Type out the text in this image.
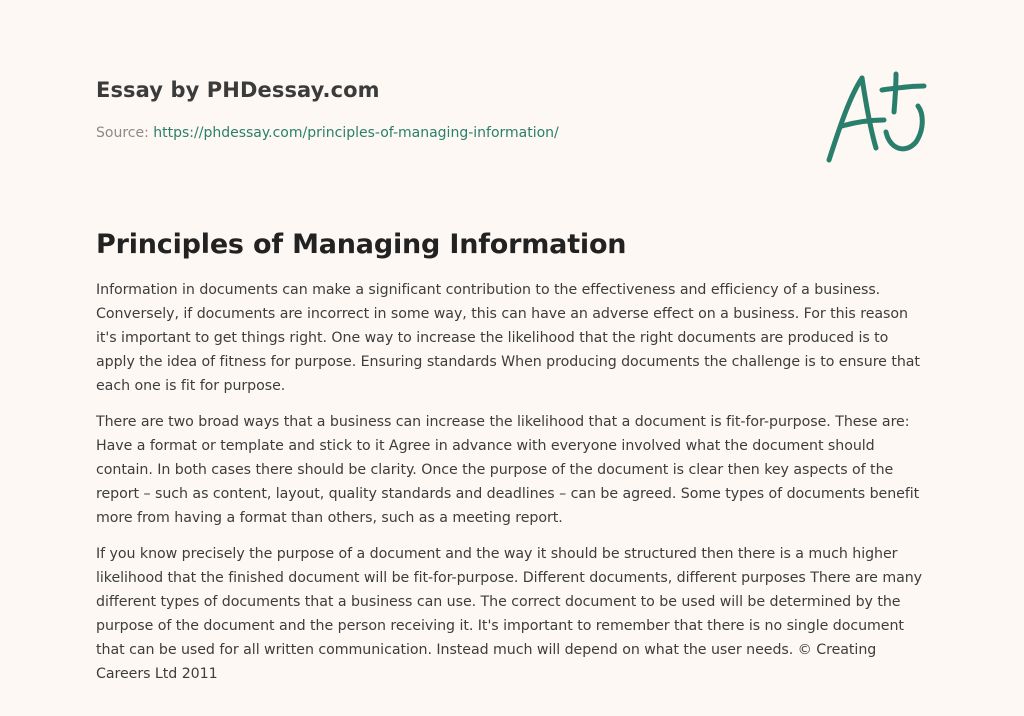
Essay by PHDessay.com

Source: https://phdessay.com/principles-of-managing-information/
Principles of Managing Information

Information in documents can make a significant contribution to the effectiveness and efficiency of a business. Conversely, if documents are incorrect in some way, this can have an adverse effect on a business. For this reason it's important to get things right. One way to increase the likelihood that the right documents are produced is to apply the idea of fitness for purpose. Ensuring standards When producing documents the challenge is to ensure that each one is fit for purpose.

There are two broad ways that a business can increase the likelihood that a document is fit-for-purpose. These are: Have a format or template and stick to it Agree in advance with everyone involved what the document should contain. In both cases there should be clarity. Once the purpose of the document is clear then key aspects of the report – such as content, layout, quality standards and deadlines – can be agreed. Some types of documents benefit more from having a format than others, such as a meeting report.

If you know precisely the purpose of a document and the way it should be structured then there is a much higher likelihood that the finished document will be fit-for-purpose. Different documents, different purposes There are many different types of documents that a business can use. The correct document to be used will be determined by the purpose of the document and the person receiving it. It's important to remember that there is no single document that can be used for all written communication. Instead much will depend on what the user needs. © Creating Careers Ltd 2011
